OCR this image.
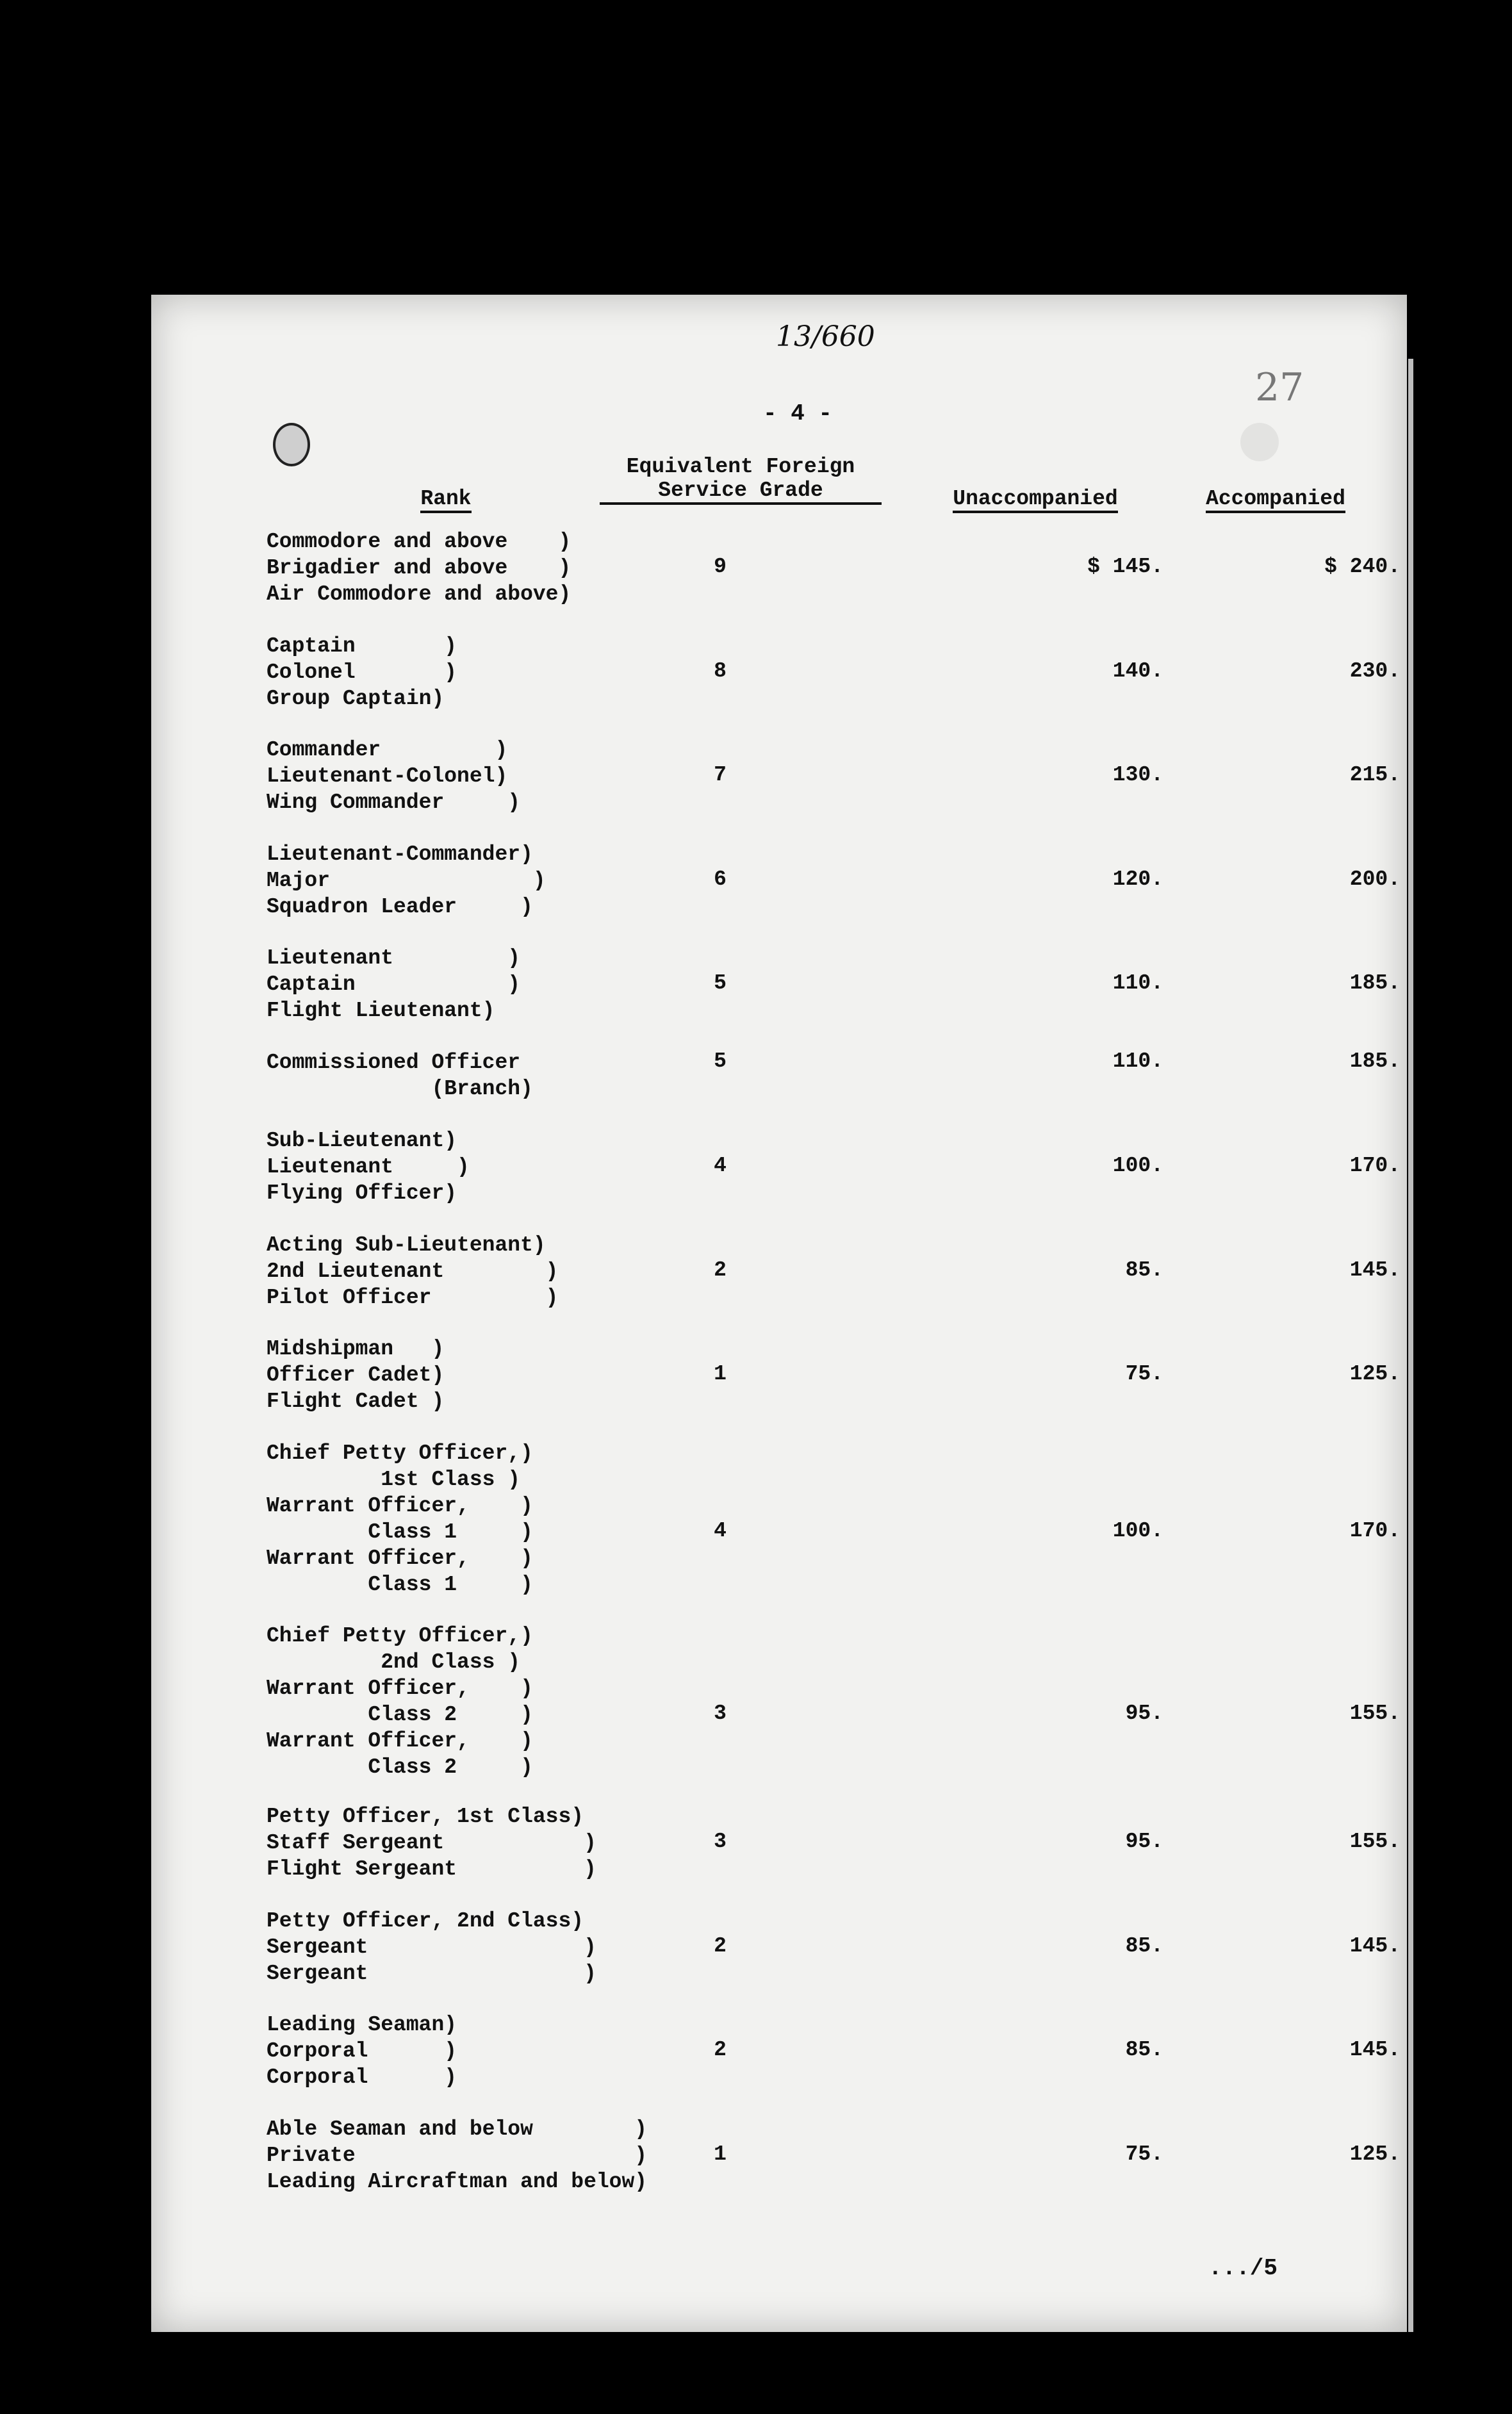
13/660
27
- 4 -
Rank
Equivalent Foreign
Service Grade	Unaccompanied	Accompanied
Commodore and above    )
Brigadier and above    )
Air Commodore and above)
9	$ 145.	$ 240.
Captain       )
Colonel       )
Group Captain)
8	140.	230.
Commander         )
Lieutenant-Colonel)
Wing Commander     )
7	130.	215.
Lieutenant-Commander)
Major                )
Squadron Leader     )
6	120.	200.
Lieutenant         )
Captain            )
Flight Lieutenant)
5	110.	185.
Commissioned Officer
(Branch)
5	110.	185.
Sub-Lieutenant)
Lieutenant     )
Flying Officer)
4	100.	170.
Acting Sub-Lieutenant)
2nd Lieutenant        )
Pilot Officer         )
2	85.	145.
Midshipman   )
Officer Cadet)
Flight Cadet )
1	75.	125.
Chief Petty Officer,)
1st Class )
Warrant Officer,    )
Class 1     )
Warrant Officer,    )
Class 1     )
4	100.	170.
Chief Petty Officer,)
2nd Class )
Warrant Officer,    )
Class 2     )
Warrant Officer,    )
Class 2     )
3	95.	155.
Petty Officer, 1st Class)
Staff Sergeant           )
Flight Sergeant          )
3	95.	155.
Petty Officer, 2nd Class)
Sergeant                 )
Sergeant                 )
2	85.	145.
Leading Seaman)
Corporal      )
Corporal      )
2	85.	145.
Able Seaman and below        )
Private                      )
Leading Aircraftman and below)
1	75.	125.
.../5
